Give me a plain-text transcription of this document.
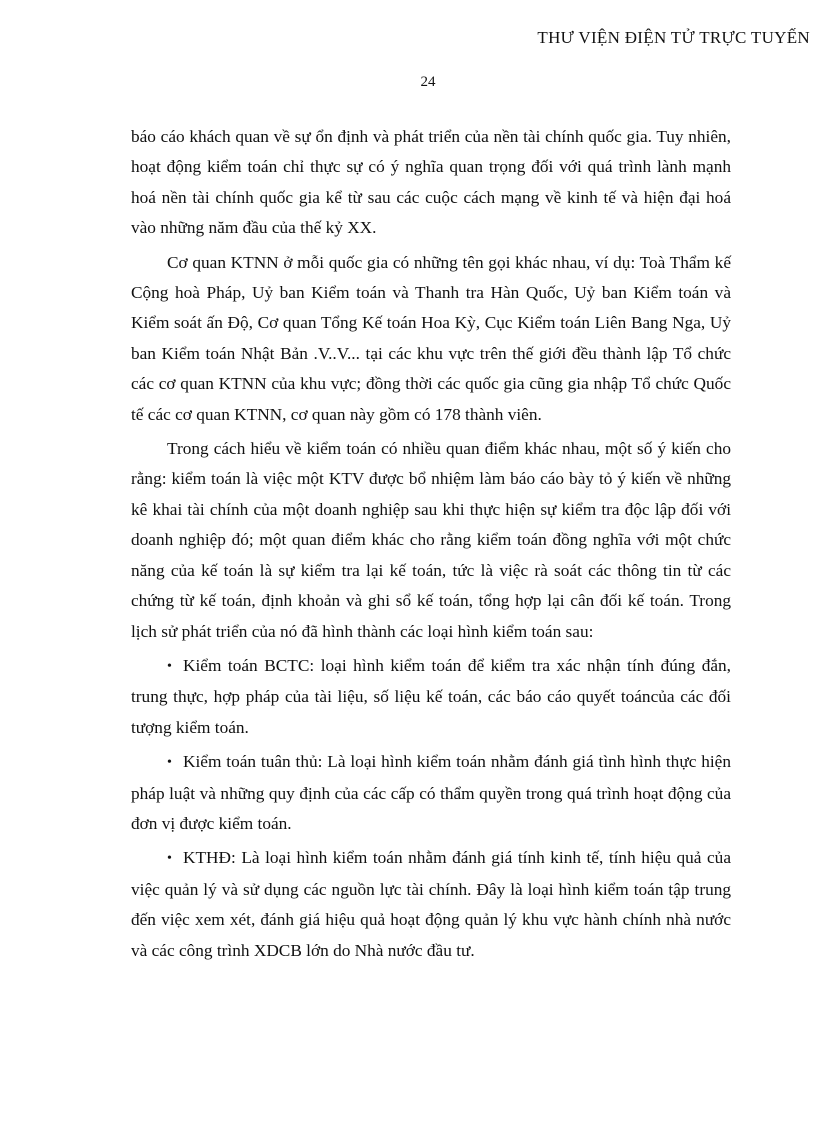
THƯ VIỆN ĐIỆN TỬ TRỰC TUYẾN
24

báo cáo khách quan về sự ổn định và phát triển của nền tài chính quốc gia. Tuy nhiên, hoạt động kiểm toán chỉ thực sự có ý nghĩa quan trọng đối với quá trình lành mạnh hoá nền tài chính quốc gia kể từ sau các cuộc cách mạng về kinh tế và hiện đại hoá vào những năm đầu của thế kỷ XX.

Cơ quan KTNN ở mỗi quốc gia có những tên gọi khác nhau, ví dụ: Toà Thẩm kế Cộng hoà Pháp, Uỷ ban Kiểm toán và Thanh tra Hàn Quốc, Uỷ ban Kiểm toán và Kiểm soát ấn Độ, Cơ quan Tổng Kế toán Hoa Kỳ, Cục Kiểm toán Liên Bang Nga, Uỷ ban Kiểm toán Nhật Bản .V..V... tại các khu vực trên thế giới đều thành lập Tổ chức các cơ quan KTNN của khu vực; đồng thời các quốc gia cũng gia nhập Tổ chức Quốc tế các cơ quan KTNN, cơ quan này gồm có 178 thành viên.

Trong cách hiểu về kiểm toán có nhiều quan điểm khác nhau, một số ý kiến cho rằng: kiểm toán là việc một KTV được bổ nhiệm làm báo cáo bày tỏ ý kiến về những kê khai tài chính của một doanh nghiệp sau khi thực hiện sự kiểm tra độc lập đối với doanh nghiệp đó; một quan điểm khác cho rằng kiểm toán đồng nghĩa với một chức năng của kế toán là sự kiểm tra lại kế toán, tức là việc rà soát các thông tin từ các chứng từ kế toán, định khoản và ghi sổ kế toán, tổng hợp lại cân đối kế toán. Trong lịch sử phát triển của nó đã hình thành các loại hình kiểm toán sau:

• Kiểm toán BCTC: loại hình kiểm toán để kiểm tra xác nhận tính đúng đắn, trung thực, hợp pháp của tài liệu, số liệu kế toán, các báo cáo quyết toáncủa các đối tượng kiểm toán.

• Kiểm toán tuân thủ: Là loại hình kiểm toán nhằm đánh giá tình hình thực hiện pháp luật và những quy định của các cấp có thẩm quyền trong quá trình hoạt động của đơn vị được kiểm toán.

• KTHĐ: Là loại hình kiểm toán nhằm đánh giá tính kinh tế, tính hiệu quả của việc quản lý và sử dụng các nguồn lực tài chính. Đây là loại hình kiểm toán tập trung đến việc xem xét, đánh giá hiệu quả hoạt động quản lý khu vực hành chính nhà nước và các công trình XDCB lớn do Nhà nước đầu tư.
